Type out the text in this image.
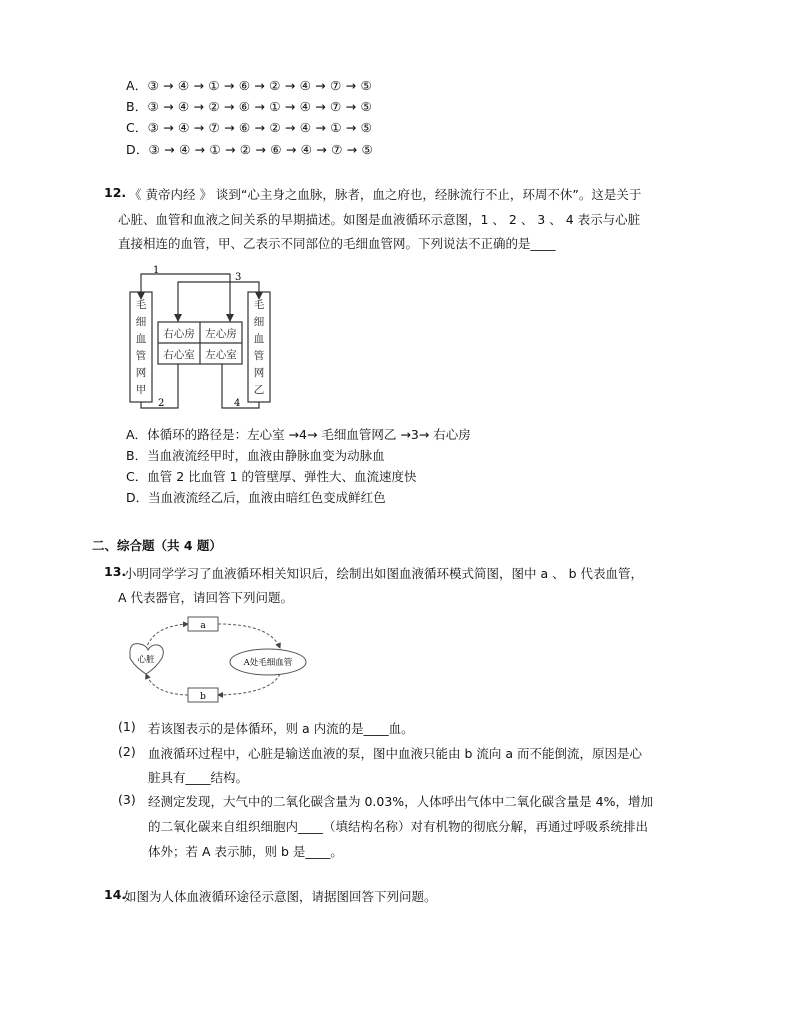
A．③ → ④ → ① → ⑥ → ② → ④ → ⑦ → ⑤
B．③ → ④ → ② → ⑥ → ① → ④ → ⑦ → ⑤
C．③ → ④ → ⑦ → ⑥ → ② → ④ → ① → ⑤
D．③ → ④ → ① → ② → ⑥ → ④ → ⑦ → ⑤
12. 《 黄帝内经 》 谈到“心主身之血脉，脉者，血之府也，经脉流行不止，环周不休”。这是关于
心脏、血管和血液之间关系的早期描述。如图是血液循环示意图，1 、 2 、 3 、 4 表示与心脏
直接相连的血管，甲、乙表示不同部位的毛细血管网。下列说法不正确的是____
1
3
2	4
毛
细
血
管
网
甲
毛
细
血
管
网
乙
右心房 左心房
右心室 左心室
A．体循环的路径是：左心室 →4→ 毛细血管网乙 →3→ 右心房
B．当血液流经甲时，血液由静脉血变为动脉血
C．血管 2 比血管 1 的管壁厚、弹性大、血流速度快
D．当血液流经乙后，血液由暗红色变成鲜红色
二、综合题（共 4 题）
13.
小明同学学习了血液循环相关知识后，绘制出如图血液循环模式简图，图中 a 、 b 代表血管，
A 代表器官，请回答下列问题。
a
b
心脏	A处毛细血管
(1) 若该图表示的是体循环，则 a 内流的是____血。
(2) 血液循环过程中，心脏是输送血液的泵，图中血液只能由 b 流向 a 而不能倒流，原因是心
脏具有____结构。
(3) 经测定发现，大气中的二氧化碳含量为 0.03%，人体呼出气体中二氧化碳含量是 4%，增加
的二氧化碳来自组织细胞内____（填结构名称）对有机物的彻底分解，再通过呼吸系统排出
体外；若 A 表示肺，则 b 是____。
14.
如图为人体血液循环途径示意图，请据图回答下列问题。
